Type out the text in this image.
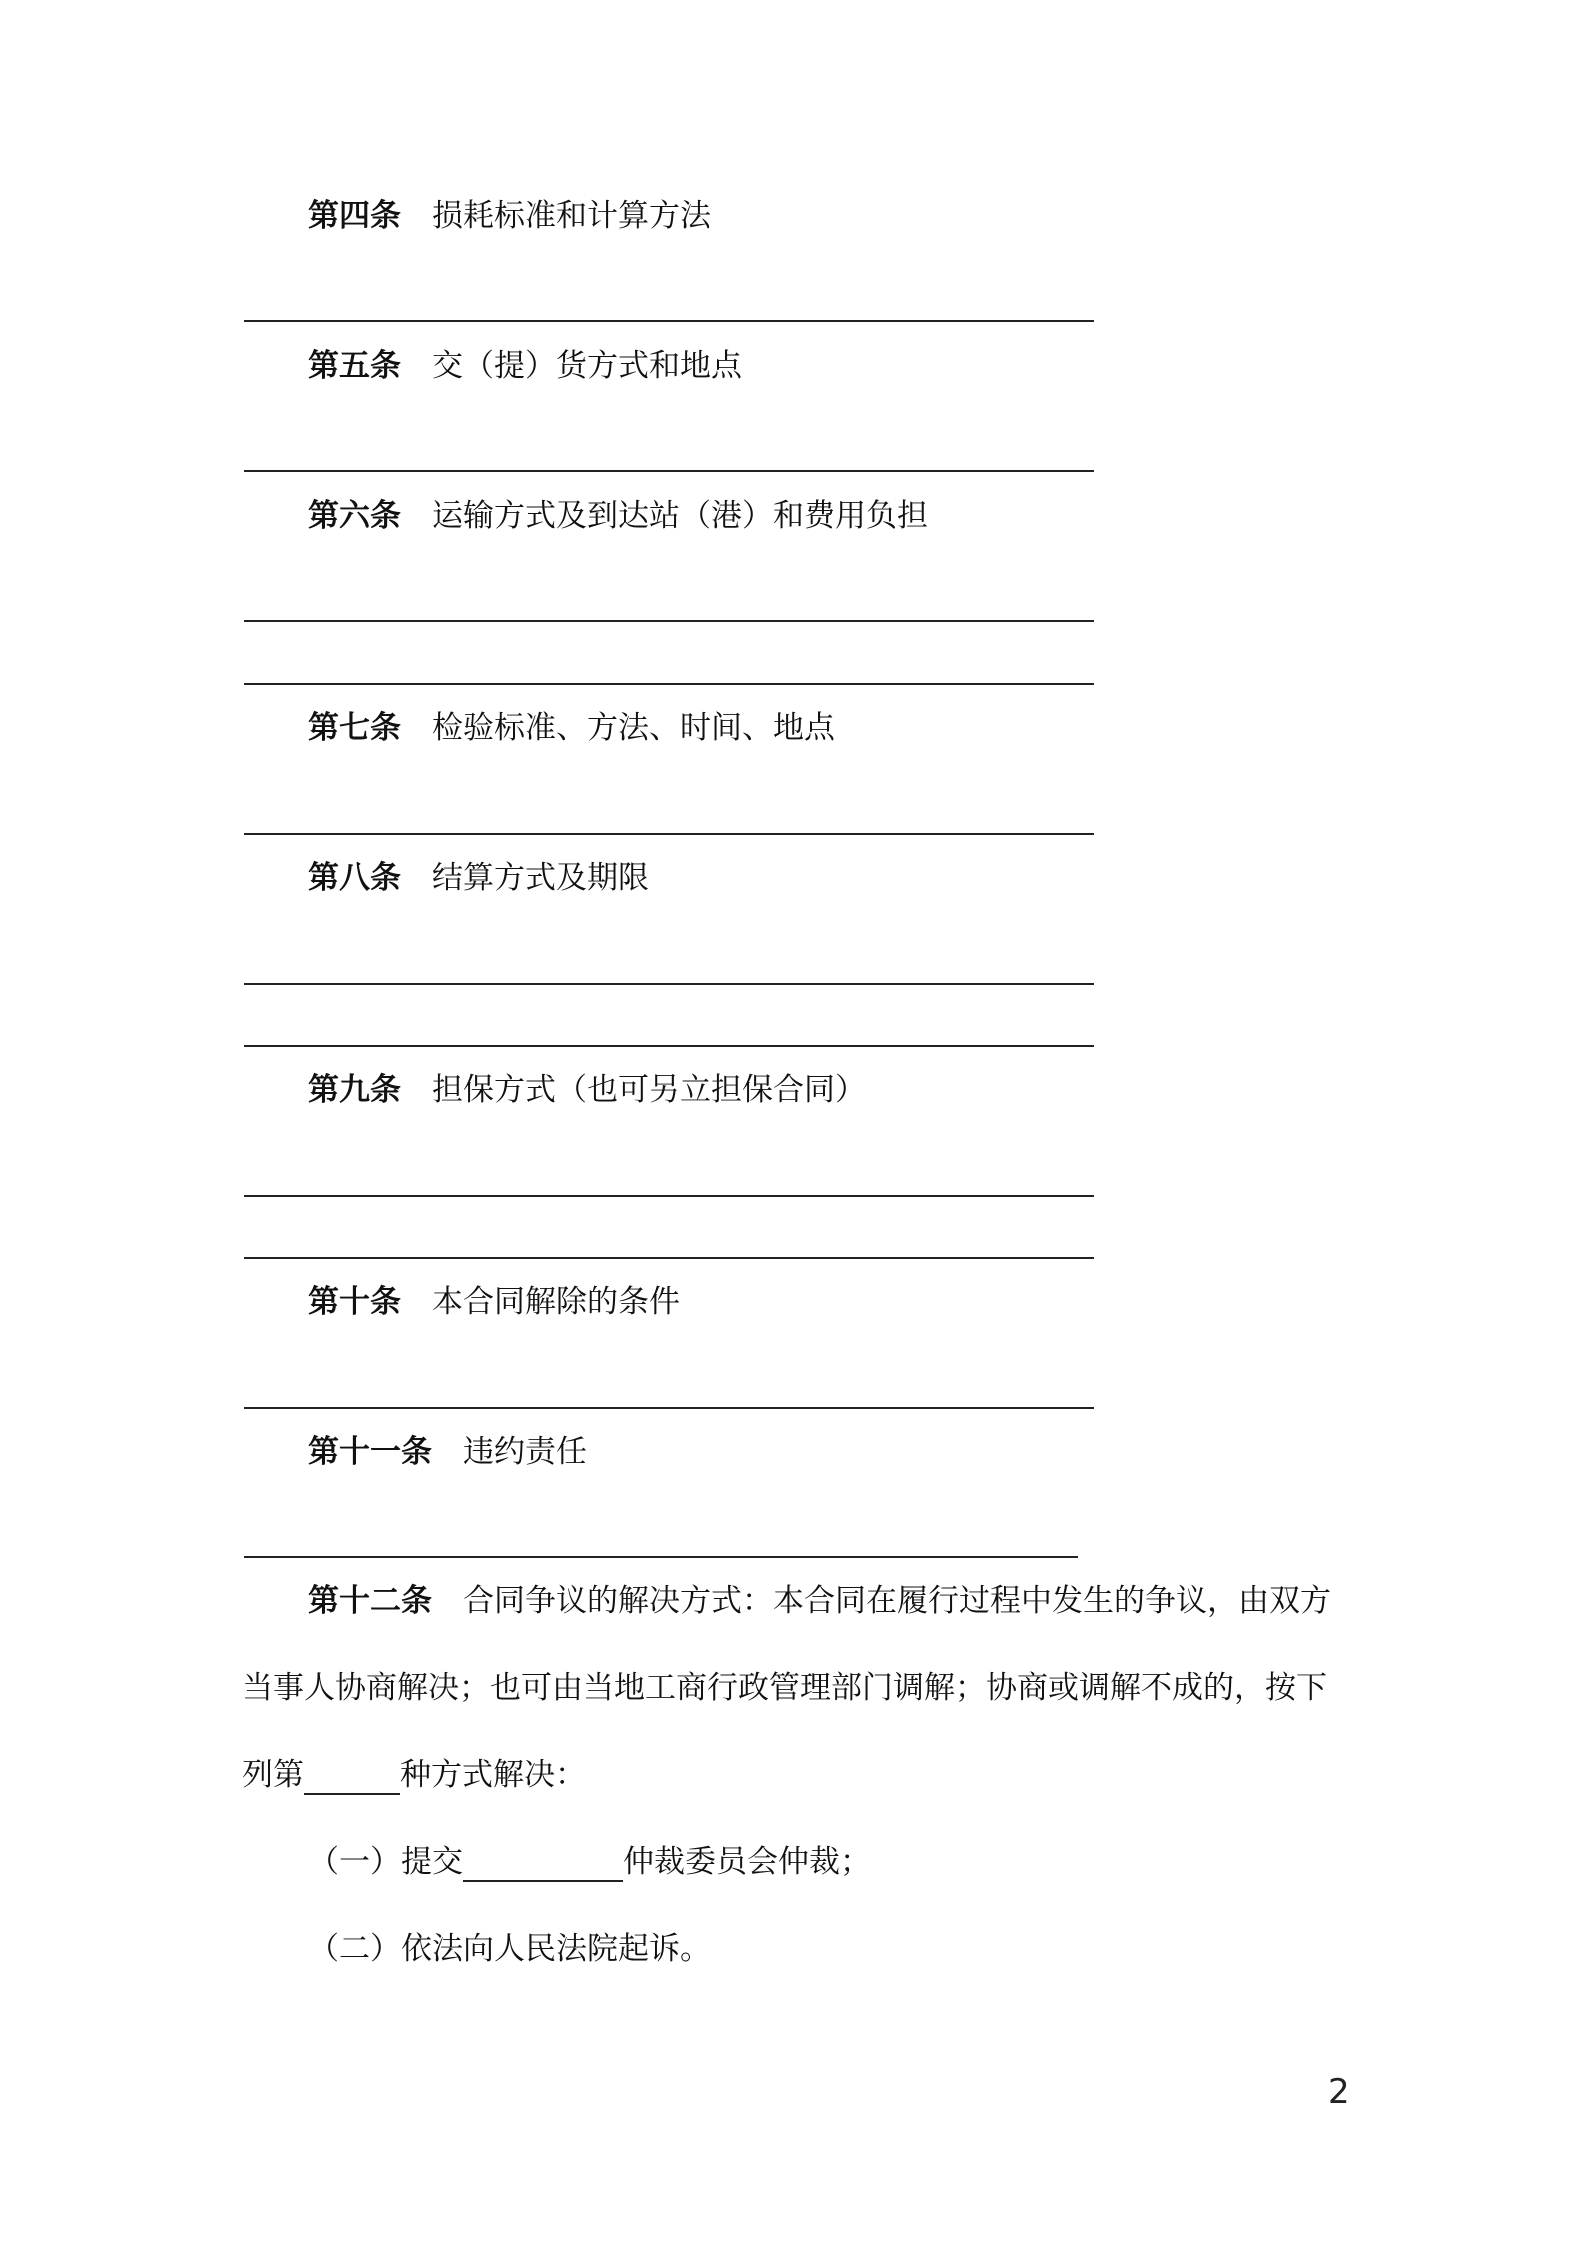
第四条 损耗标准和计算方法
第五条 交（提）货方式和地点
第六条 运输方式及到达站（港）和费用负担
第七条 检验标准、方法、时间、地点
第八条 结算方式及期限
第九条 担保方式（也可另立担保合同）
第十条 本合同解除的条件
第十一条 违约责任
第十二条 合同争议的解决方式：本合同在履行过程中发生的争议，由双方
当事人协商解决；也可由当地工商行政管理部门调解；协商或调解不成的，按下
列第	种方式解决：
（一）提交	仲裁委员会仲裁；
（二）依法向人民法院起诉。
2
